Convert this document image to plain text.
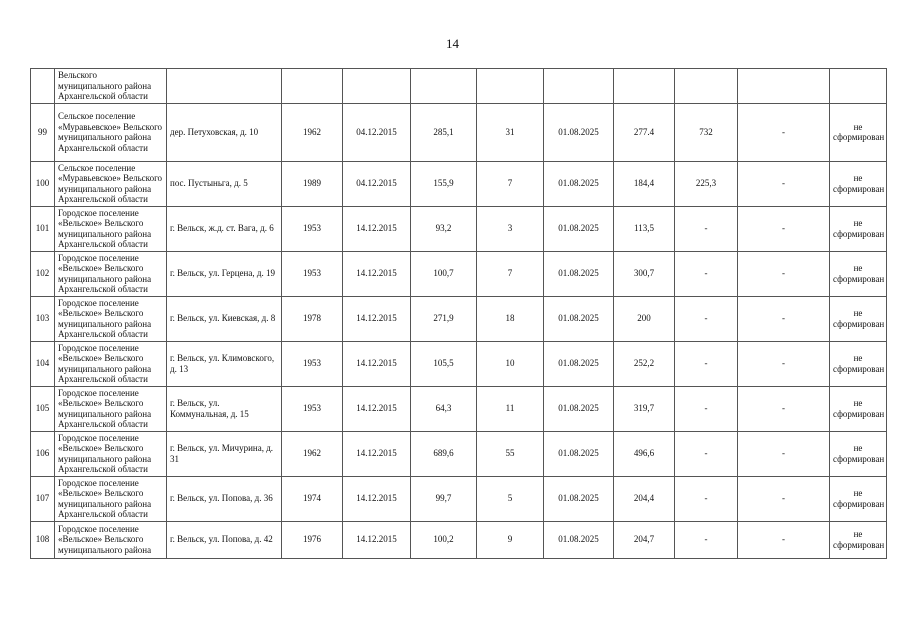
14
	Вельского муниципального района Архангельской области										
99	Сельское поселение «Муравьевское» Вельского муниципального района Архангельской области	дер. Петуховская, д. 10	1962	04.12.2015	285,1	31	01.08.2025	277.4	732	-	не сформирован
100	Сельское поселение «Муравьевское» Вельского муниципального района Архангельской области	пос. Пустыньга, д. 5	1989	04.12.2015	155,9	7	01.08.2025	184,4	225,3	-	не сформирован
101	Городское поселение «Вельское» Вельского муниципального района Архангельской области	г. Вельск, ж.д. ст. Вага, д. 6	1953	14.12.2015	93,2	3	01.08.2025	113,5	-	-	не сформирован
102	Городское поселение «Вельское» Вельского муниципального района Архангельской области	г. Вельск, ул. Герцена, д. 19	1953	14.12.2015	100,7	7	01.08.2025	300,7	-	-	не сформирован
103	Городское поселение «Вельское» Вельского муниципального района Архангельской области	г. Вельск, ул. Киевская, д. 8	1978	14.12.2015	271,9	18	01.08.2025	200	-	-	не сформирован
104	Городское поселение «Вельское» Вельского муниципального района Архангельской области	г. Вельск, ул. Климовского, д. 13	1953	14.12.2015	105,5	10	01.08.2025	252,2	-	-	не сформирован
105	Городское поселение «Вельское» Вельского муниципального района Архангельской области	г. Вельск, ул. Коммунальная, д. 15	1953	14.12.2015	64,3	11	01.08.2025	319,7	-	-	не сформирован
106	Городское поселение «Вельское» Вельского муниципального района Архангельской области	г. Вельск, ул. Мичурина, д. 31	1962	14.12.2015	689,6	55	01.08.2025	496,6	-	-	не сформирован
107	Городское поселение «Вельское» Вельского муниципального района Архангельской области	г. Вельск, ул. Попова, д. 36	1974	14.12.2015	99,7	5	01.08.2025	204,4	-	-	не сформирован
108	Городское поселение «Вельское» Вельского муниципального района	г. Вельск, ул. Попова, д. 42	1976	14.12.2015	100,2	9	01.08.2025	204,7	-	-	не сформирован
